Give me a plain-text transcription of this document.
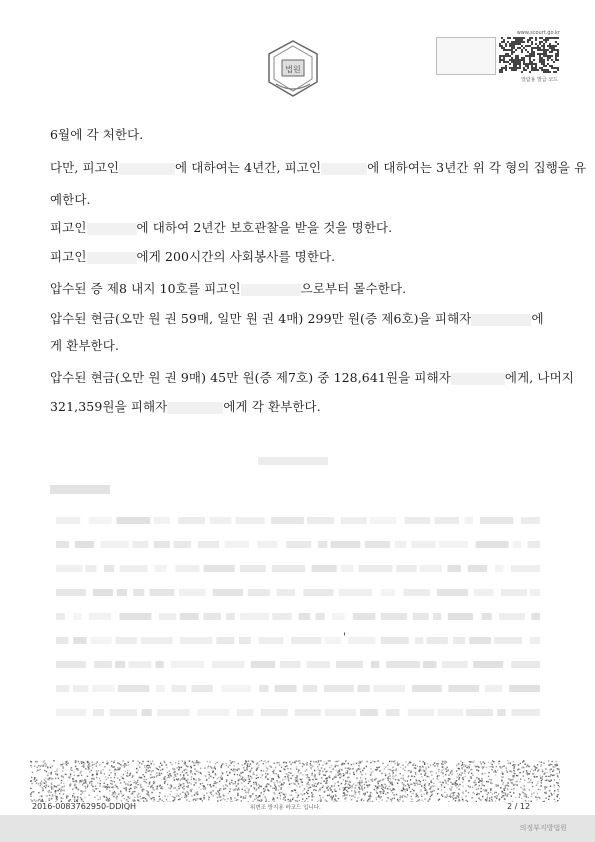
법원
www.scourt.go.kr
열람용 발급 코드
6월에 각 처한다.
다만, 피고인	에 대하여는 4년간, 피고인	에 대하여는 3년간 위 각 형의 집행을 유
예한다.
피고인	에 대하여 2년간 보호관찰을 받을 것을 명한다.
피고인	에게 200시간의 사회봉사를 명한다.
압수된 증 제8 내지 10호를 피고인	으로부터 몰수한다.
압수된 현금(오만 원 권 59매, 일만 원 권 4매) 299만 원(증 제6호)을 피해자	에
게 환부한다.
압수된 현금(오만 원 권 9매) 45만 원(증 제7호) 중 128,641원을 피해자	에게, 나머지
321,359원을 피해자	에게 각 환부한다.
'
2016-0083762950-DDIQH	위변조 방지용 바코드 입니다.	2 / 12
의정부지방법원
